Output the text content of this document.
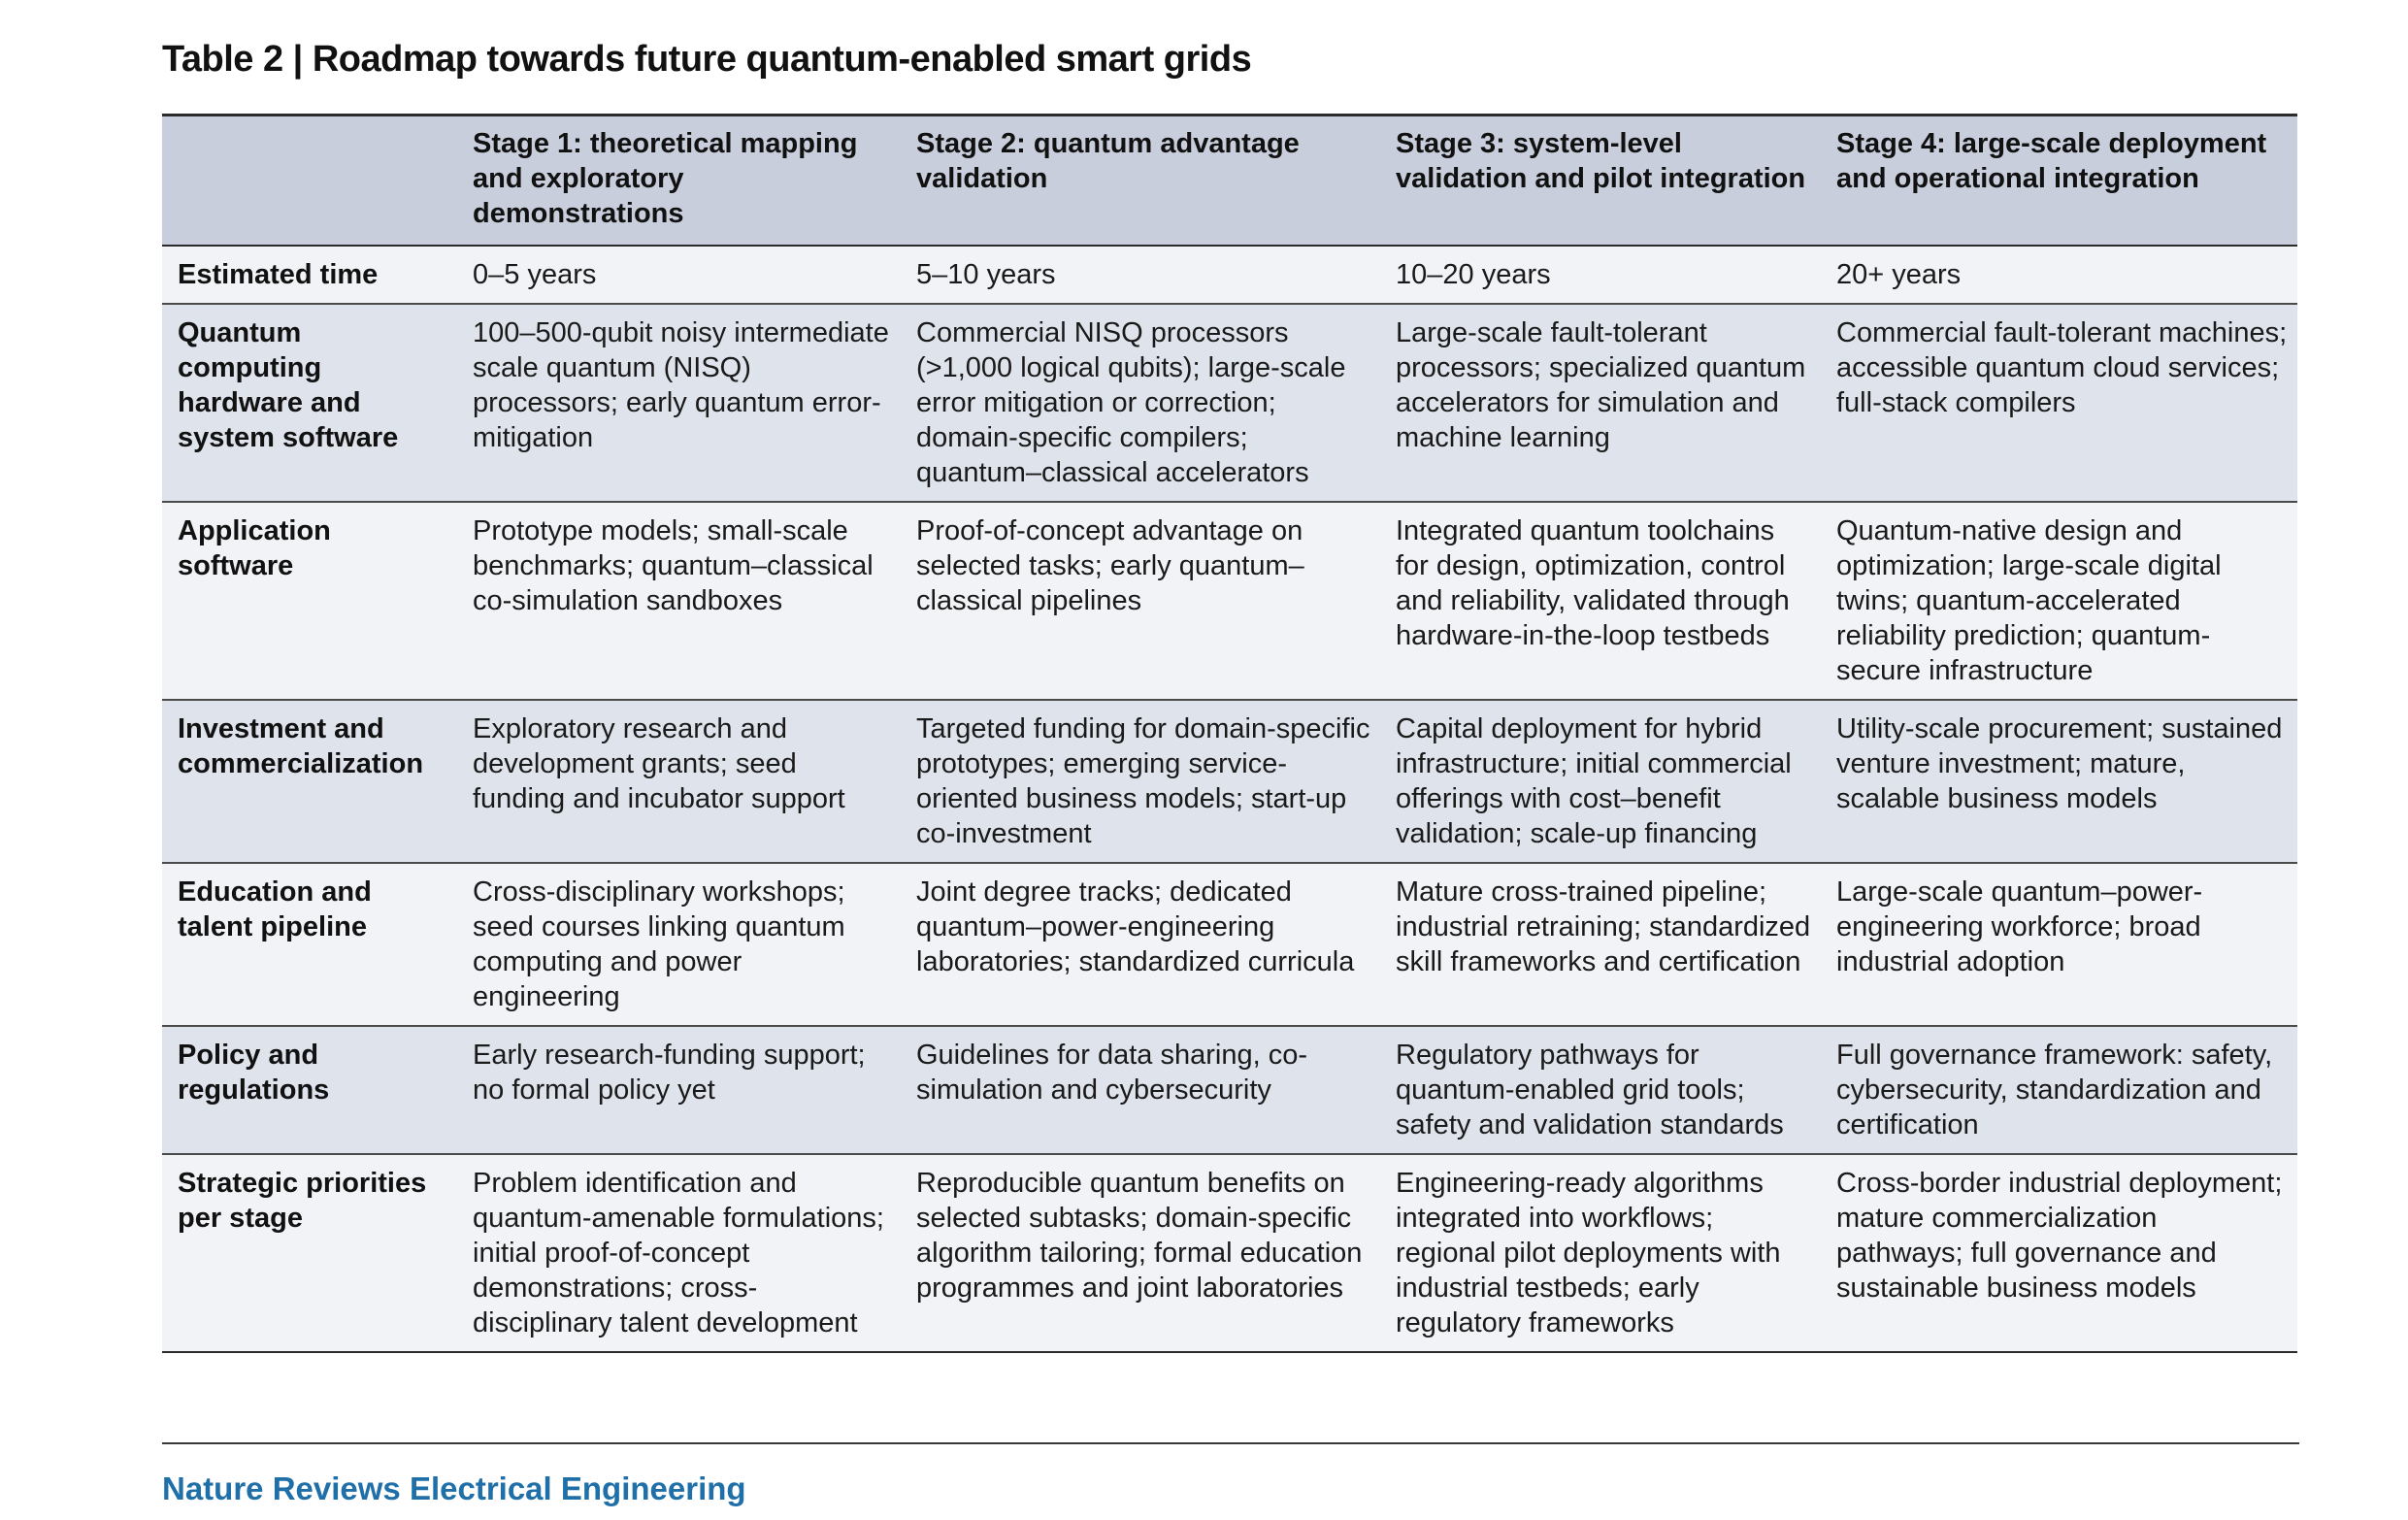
Table 2 | Roadmap towards future quantum-enabled smart grids
	Stage 1: theoretical mapping and exploratory demonstrations	Stage 2: quantum advantage validation	Stage 3: system-level validation and pilot integration	Stage 4: large-scale deployment and operational integration
Estimated time	0–5 years	5–10 years	10–20 years	20+ years
Quantum computing hardware and system software	100–500-qubit noisy intermediate scale quantum (NISQ) processors; early quantum error-mitigation	Commercial NISQ processors (>1,000 logical qubits); large-scale error mitigation or correction; domain-specific compilers; quantum–classical accelerators	Large-scale fault-tolerant processors; specialized quantum accelerators for simulation and machine learning	Commercial fault-tolerant machines; accessible quantum cloud services; full-stack compilers
Application software	Prototype models; small-scale benchmarks; quantum–classical co-simulation sandboxes	Proof-of-concept advantage on selected tasks; early quantum–classical pipelines	Integrated quantum toolchains for design, optimization, control and reliability, validated through hardware-in-the-loop testbeds	Quantum-native design and optimization; large-scale digital twins; quantum-accelerated reliability prediction; quantum-secure infrastructure
Investment and commercialization	Exploratory research and development grants; seed funding and incubator support	Targeted funding for domain-specific prototypes; emerging service-oriented business models; start-up co-investment	Capital deployment for hybrid infrastructure; initial commercial offerings with cost–benefit validation; scale-up financing	Utility-scale procurement; sustained venture investment; mature, scalable business models
Education and talent pipeline	Cross-disciplinary workshops; seed courses linking quantum computing and power engineering	Joint degree tracks; dedicated quantum–power-engineering laboratories; standardized curricula	Mature cross-trained pipeline; industrial retraining; standardized skill frameworks and certification	Large-scale quantum–power-engineering workforce; broad industrial adoption
Policy and regulations	Early research-funding support; no formal policy yet	Guidelines for data sharing, co-simulation and cybersecurity	Regulatory pathways for quantum-enabled grid tools; safety and validation standards	Full governance framework: safety, cybersecurity, standardization and certification
Strategic priorities per stage	Problem identification and quantum-amenable formulations; initial proof-of-concept demonstrations; cross-disciplinary talent development	Reproducible quantum benefits on selected subtasks; domain-specific algorithm tailoring; formal education programmes and joint laboratories	Engineering-ready algorithms integrated into workflows; regional pilot deployments with industrial testbeds; early regulatory frameworks	Cross-border industrial deployment; mature commercialization pathways; full governance and sustainable business models
Nature Reviews Electrical Engineering
